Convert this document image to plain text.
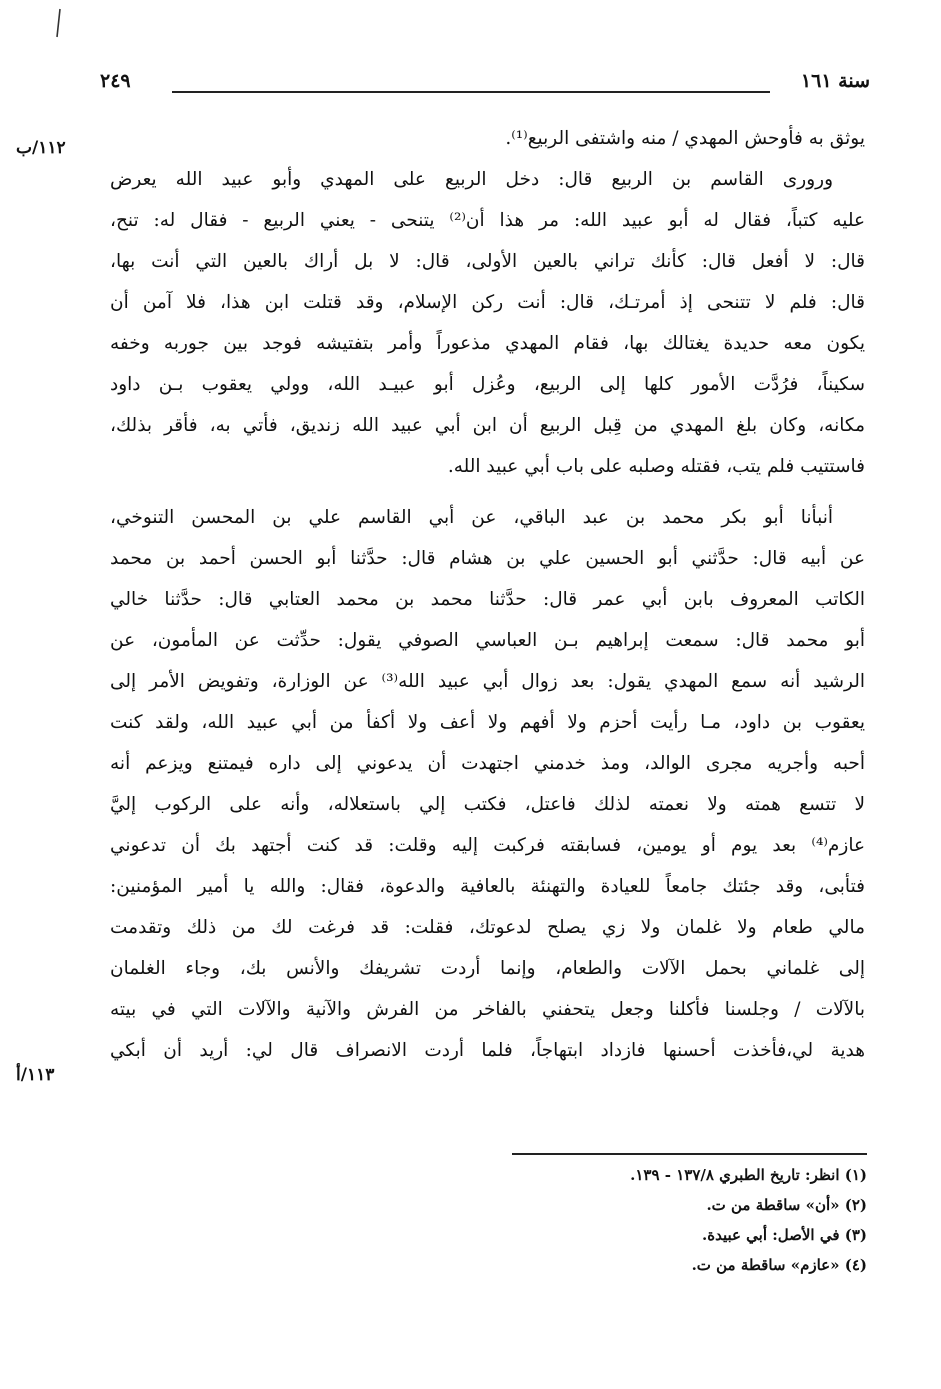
سنة ١٦١
٢٤٩
١١٢/ب
١١٣/أ
يوثق به فأوحش المهدي / منه واشتفى الربيع⁽¹⁾.
ورورى القاسم بن الربيع قال: دخل الربيع على المهدي وأبو عبيد الله يعرض
عليه كتباً، فقال له أبو عبيد الله: مر هذا أن⁽²⁾ يتنحى - يعني الربيع - فقال له: تنح،
قال: لا أفعل قال: كأنك تراني بالعين الأولى، قال: لا بل أراك بالعين التي أنت بها،
قال: فلم لا تتنحى إذ أمرتـك، قال: أنت ركن الإسلام، وقد قتلت ابن هذا، فلا آمن أن
يكون معه حديدة يغتالك بها، فقام المهدي مذعوراً وأمر بتفتيشه فوجد بين جوربه وخفه
سكيناً، فرُدَّت الأمور كلها إلى الربيع، وعُزل أبو عبيـد الله، وولي يعقوب بـن داود
مكانه، وكان بلغ المهدي من قِبل الربيع أن ابن أبي عبيد الله زنديق، فأتي به، فأقر بذلك،
فاستتيب فلم يتب، فقتله وصلبه على باب أبي عبيد الله.
أنبأنا أبو بكر محمد بن عبد الباقي، عن أبي القاسم علي بن المحسن التنوخي،
عن أبيه قال: حدَّثني أبو الحسين علي بن هشام قال: حدَّثنا أبو الحسن أحمد بن محمد
الكاتب المعروف بابن أبي عمر قال: حدَّثنا محمد بن محمد العتابي قال: حدَّثنا خالي
أبو محمد قال: سمعت إبراهيم بـن العباسي الصوفي يقول: حدِّثت عن المأمون، عن
الرشيد أنه سمع المهدي يقول: بعد زوال أبي عبيد الله⁽³⁾ عن الوزارة، وتفويض الأمر إلى
يعقوب بن داود، مـا رأيت أحزم ولا أفهم ولا أعف ولا أكفأ من أبي عبيد الله، ولقد كنت
أحبه وأجريه مجرى الوالد، ومذ خدمني اجتهدت أن يدعوني إلى داره فيمتنع ويزعم أنه
لا تتسع همته ولا نعمته لذلك فاعتل، فكتب إلي باستعلاله، وأنه على الركوب إليَّ
عازم⁽⁴⁾ بعد يوم أو يومين، فسابقته فركبت إليه وقلت: قد كنت أجتهد بك أن تدعوني
فتأبى، وقد جئتك جامعاً للعيادة والتهنئة بالعافية والدعوة، فقال: والله يا أمير المؤمنين:
مالي طعام ولا غلمان ولا زي يصلح لدعوتك، فقلت: قد فرغت لك من ذلك وتقدمت
إلى غلماني بحمل الآلات والطعام، وإنما أردت تشريفك والأنس بك، وجاء الغلمان
بالآلات / وجلسنا فأكلنا وجعل يتحفني بالفاخر من الفرش والآنية والآلات التي في بيته
هدية لي،فأخذت أحسنها فازداد ابتهاجاً، فلما أردت الانصراف قال لي: أريد أن أبكي
(١) انظر: تاريخ الطبري ١٣٧/٨ - ١٣٩.
(٢) «أن» ساقطة من ت.
(٣) في الأصل: أبي عبيدة.
(٤) «عازم» ساقطة من ت.
